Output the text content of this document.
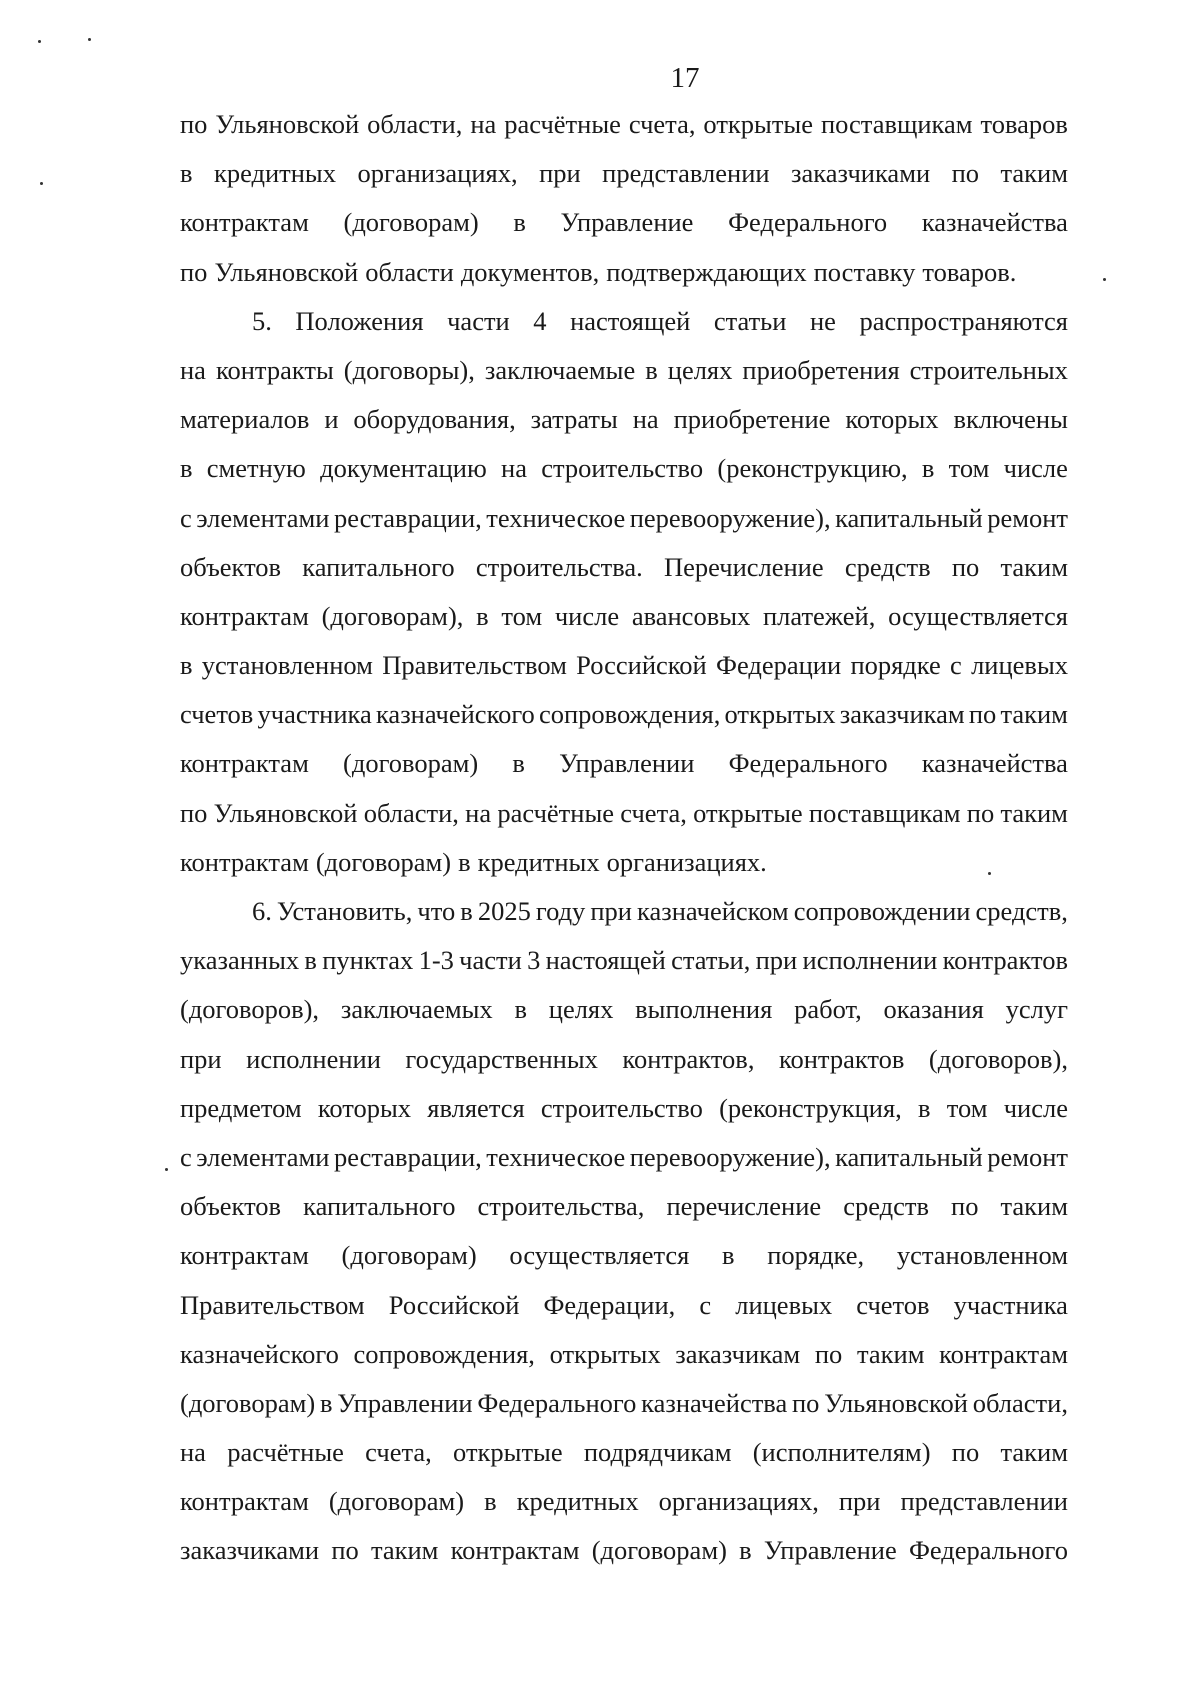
17
по Ульяновской области, на расчётные счета, открытые поставщикам товаров
в кредитных организациях, при представлении заказчиками по таким
контрактам (договорам) в Управление Федерального казначейства
по Ульяновской области документов, подтверждающих поставку товаров.
5. Положения части 4 настоящей статьи не распространяются
на контракты (договоры), заключаемые в целях приобретения строительных
материалов и оборудования, затраты на приобретение которых включены
в сметную документацию на строительство (реконструкцию, в том числе
с элементами реставрации, техническое перевооружение), капитальный ремонт
объектов капитального строительства. Перечисление средств по таким
контрактам (договорам), в том числе авансовых платежей, осуществляется
в установленном Правительством Российской Федерации порядке с лицевых
счетов участника казначейского сопровождения, открытых заказчикам по таким
контрактам (договорам) в Управлении Федерального казначейства
по Ульяновской области, на расчётные счета, открытые поставщикам по таким
контрактам (договорам) в кредитных организациях.
6. Установить, что в 2025 году при казначейском сопровождении средств,
указанных в пунктах 1-3 части 3 настоящей статьи, при исполнении контрактов
(договоров), заключаемых в целях выполнения работ, оказания услуг
при исполнении государственных контрактов, контрактов (договоров),
предметом которых является строительство (реконструкция, в том числе
с элементами реставрации, техническое перевооружение), капитальный ремонт
объектов капитального строительства, перечисление средств по таким
контрактам (договорам) осуществляется в порядке, установленном
Правительством Российской Федерации, с лицевых счетов участника
казначейского сопровождения, открытых заказчикам по таким контрактам
(договорам) в Управлении Федерального казначейства по Ульяновской области,
на расчётные счета, открытые подрядчикам (исполнителям) по таким
контрактам (договорам) в кредитных организациях, при представлении
заказчиками по таким контрактам (договорам) в Управление Федерального
